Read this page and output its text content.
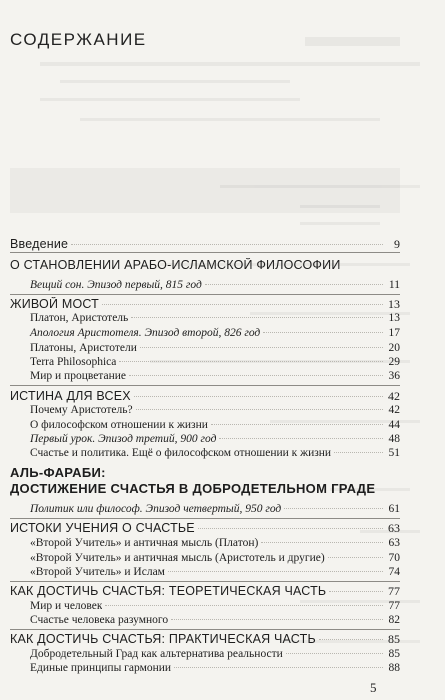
СОДЕРЖАНИЕ
Введение	9
О СТАНОВЛЕНИИ АРАБО-ИСЛАМСКОЙ ФИЛОСОФИИ
Вещий сон. Эпизод первый, 815 год	11
ЖИВОЙ МОСТ	13
Платон, Аристотель	13
Апология Аристотеля. Эпизод второй, 826 год	17
Платоны, Аристотели	20
Terra Philosophica	29
Мир и процветание	36
ИСТИНА ДЛЯ ВСЕХ	42
Почему Аристотель?	42
О философском отношении к жизни	44
Первый урок. Эпизод третий, 900 год	48
Счастье и политика. Ещё о философском отношении к жизни	51
АЛЬ-ФАРАБИ:
ДОСТИЖЕНИЕ СЧАСТЬЯ В ДОБРОДЕТЕЛЬНОМ ГРАДЕ
Политик или философ. Эпизод четвертый, 950 год	61
ИСТОКИ УЧЕНИЯ О СЧАСТЬЕ	63
«Второй Учитель» и античная мысль (Платон)	63
«Второй Учитель» и античная мысль (Аристотель и другие)	70
«Второй Учитель» и Ислам	74
КАК ДОСТИЧЬ СЧАСТЬЯ: ТЕОРЕТИЧЕСКАЯ ЧАСТЬ	77
Мир и человек	77
Счастье человека разумного	82
КАК ДОСТИЧЬ СЧАСТЬЯ: ПРАКТИЧЕСКАЯ ЧАСТЬ	85
Добродетельный Град как альтернатива реальности	85
Единые принципы гармонии	88
5
